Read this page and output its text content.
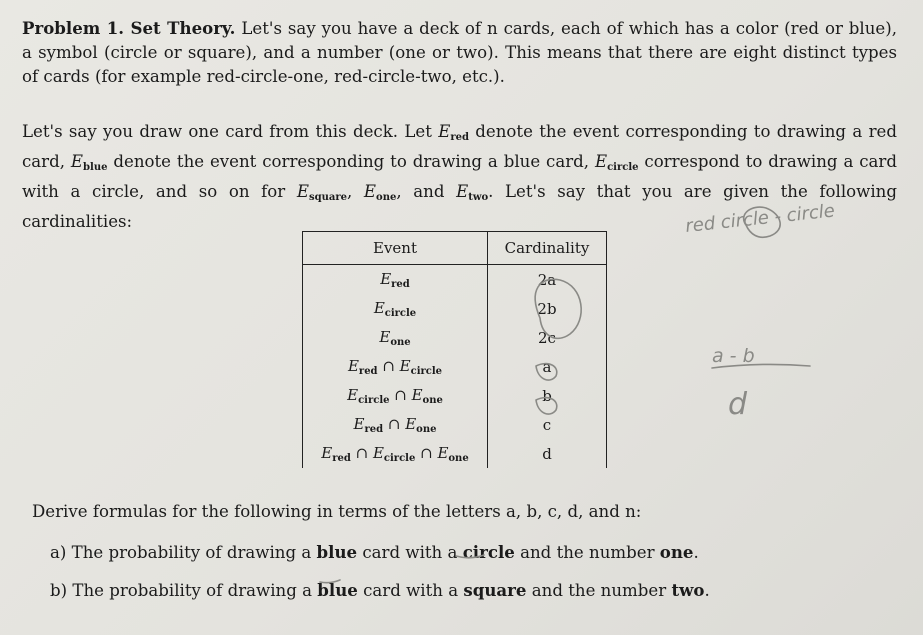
Problem 1. Set Theory. Let's say you have a deck of n cards, each of which has a color (red or blue), a symbol (circle or square), and a number (one or two). This means that there are eight distinct types of cards (for example red-circle-one, red-circle-two, etc.).

Let's say you draw one card from this deck. Let $E_{red}$ denote the event corresponding to drawing a red card, $E_{blue}$ denote the event corresponding to drawing a blue card, $E_{circle}$ correspond to drawing a card with a circle, and so on for $E_{square}$, $E_{one}$, and $E_{two}$. Let's say that you are given the following cardinalities:

Event	Cardinality
$E_{red}$	2a
$E_{circle}$	2b
$E_{one}$	2c
$E_{red}$ ∩ $E_{circle}$	a
$E_{circle}$ ∩ $E_{one}$	b
$E_{red}$ ∩ $E_{one}$	c
$E_{red}$ ∩ $E_{circle}$ ∩ $E_{one}$	d

Derive formulas for the following in terms of the letters a, b, c, d, and n:

a) The probability of drawing a blue card with a circle and the number one.
b) The probability of drawing a blue card with a square and the number two.
red circle - circle
a - b
d
